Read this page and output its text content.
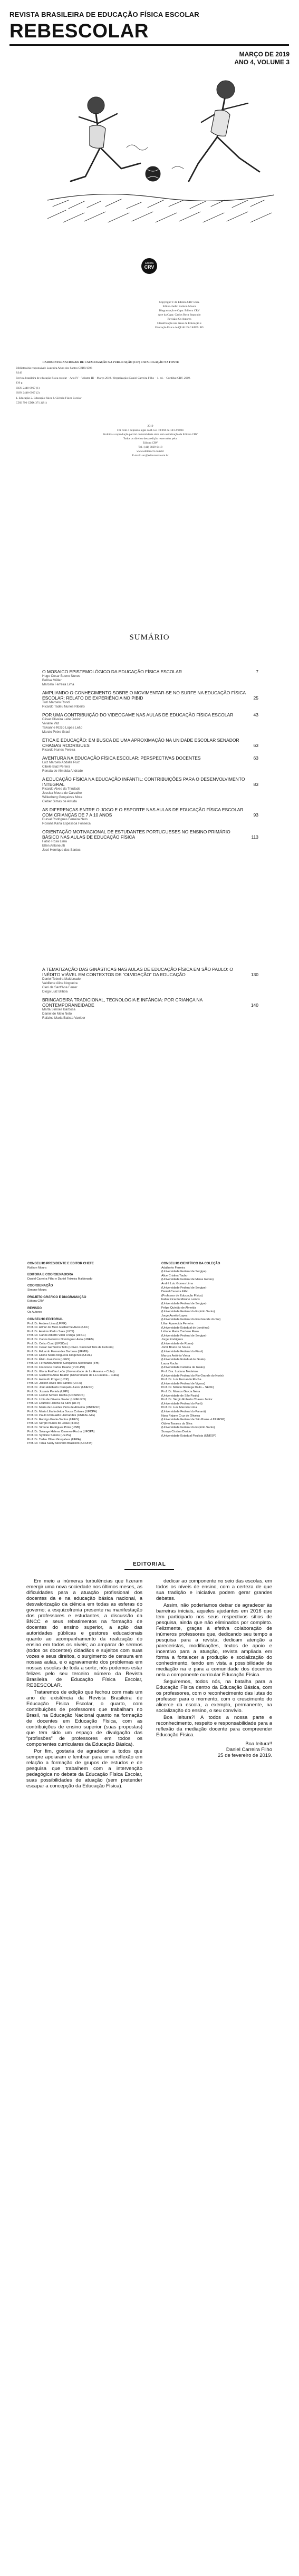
REVISTA BRASILEIRA DE EDUCAÇÃO FÍSICA ESCOLAR
REBESCOLAR
MARÇO DE 2019
ANO 4, VOLUME 3
Editora
CRV
Copyright © da Editora CRV Ltda.
Editor-chefe: Railson Moura
Diagramação e Capa: Editora CRV
Arte da Capa: Carlos Roca Segurado
Revisão: Os Autores
Classificação nas áreas de Educação e
Educação Física de QUALIS CAPES: B5
DADOS INTERNACIONAIS DE CATALOGAÇÃO NA PUBLICAÇÃO (CIP) CATALOGAÇÃO NA FONTE

Bibliotecária responsável: Luzenira Alves dos Santos CRB9/1506

R349

Revista brasileira de educação física escolar – Ano IV – Volume III – Março 2019 / Organização: Daniel Carreira Filho – 1. ed. – Curitiba: CRV, 2019.

136 p.

ISSN 2448-0967 (1)

ISSN 2448-0967 (2)

1. Educação 2. Educação física 3. Ciência Física Escolar

CDU 796 CDD: 371.1(81)

2019
Foi feito o depósito legal conf. Lei 10.994 de 14/12/2004
Proibida a reprodução parcial ou total desta obra sem autorização da Editora CRV
Todos os direitos desta edição reservados pela:
Editora CRV
Tel.: (41) 3039-6418
www.editoracrv.com.br
E-mail: sac@editoracrv.com.br
SUMÁRIO
O MOSAICO EPISTEMOLÓGICO DA EDUCAÇÃO FÍSICA ESCOLAR	7
Hugo Cesar Bueno Nunes
Bellisa Müller
Marcelo Ferreira Lima
AMPLIANDO O CONHECIMENTO SOBRE O MOVIMENTAR-SE NO SURFE NA EDUCAÇÃO FÍSICA ESCOLAR: RELATO DE EXPERIÊNCIA NO PIBID	25
Tuzi Marcelo Rondi
Ricardo Tadeu Nunes Ribeiro
POR UMA CONTRIBUIÇÃO DO VIDEOGAME NAS AULAS DE EDUCAÇÃO FÍSICA ESCOLAR	43
César Oliveira Leite Junior
Viviane Vaz
Talvanne Rizzo Lopes Leão
Marcio Peixe Grael
ÉTICA E EDUCAÇÃO: EM BUSCA DE UMA APROXIMAÇÃO NA UNIDADE ESCOLAR SENADOR CHAGAS RODRIGUES	63
Ricardo Nunes Pereira
AVENTURA NA EDUCAÇÃO FÍSICA ESCOLAR: PERSPECTIVAS DOCENTES	63
Luiz Marcelo Abdalla Ruiz
Cibele Biaz Pereira
Renata de Almeida Andrade
A EDUCAÇÃO FÍSICA NA EDUCAÇÃO INFANTIL: CONTRIBUIÇÕES PARA O DESENVOLVIMENTO INTEGRAL	83
Ricardo Alves da Trindade
Jessica Moura de Carvalho
Wilkerberg Gonçalves Mota
Cleber Simas de Arruda
AS DIFERENÇAS ENTRE O JOGO E O ESPORTE NAS AULAS DE EDUCAÇÃO FÍSICA ESCOLAR COM CRIANÇAS DE 7 A 10 ANOS	93
Durval Rodrigues Ferreira Neto
Rosana Karla Espessoa Fonseca
ORIENTAÇÃO MOTIVACIONAL DE ESTUDANTES PORTUGUESES NO ENSINO PRIMÁRIO BÁSICO NAS AULAS DE EDUCAÇÃO FÍSICA	113
Fábio Rosa Lima
Ellen Antoneutti
José Henrique dos Santos
A TEMATIZAÇÃO DAS GINÁSTICAS NAS AULAS DE EDUCAÇÃO FÍSICA EM SÃO PAULO: O INÉDITO VIÁVEL EM CONTEXTOS DE “OLVIDAÇÃO” DA EDUCAÇÃO	130
Daniel Teixeira Maldonado
Valdilene Aline Nogueira
Cleri de Sant'Ana Ferrer
Diogo Luiz Bilbóa
BRINCADEIRA TRADICIONAL, TECNOLOGIA E INFÂNCIA: POR CRIANÇA NA CONTEMPORANEIDADE	140
Marta Simões Barbosa
Daniel de Melo Neto
Rafaine Maria Batista Vanleer
CONSELHO PRESIDENTE E EDITOR CHEFE
Railson Moura
EDITORA E COORDENADORA
Daniel Carreira Filho e Daniel Teixeira Maldonado
COORDENAÇÃO
Simone Moura
PROJETO GRÁFICO E DIAGRAMAÇÃO
Editora CRV
REVISÃO
Os Autores
CONSELHO EDITORIAL
Prof. Dr. Andrea Lima (UFPR)
Prof. Dr. Arthur de Melo Guilherme Alves (UFF)
Prof. Dr. Antônio Pedro Saes (UCS)
Prof. Dr. Carlos Alberto Vidal França (UFSC)
Prof. Dr. Carlos Federico Domínguez Avila (UNEB)
Prof. Dr. Celso Conti (UFSCar)
Prof. Dr. Cesar Gerónimo Tello (Univer. Nacional Três de Febrero)
Prof. Dr. Eduardo Fernandes Barbosa (UFMG)
Prof. Dr. Elione Maria Nogueira Diogenes (UFAL)
Prof. Dr. Élsio José Corá (UFFS)
Prof. Dr. Fernando Antônio Gonçalves Alcoforado (IPB)
Prof. Dr. Francisco Carlos Duarte (PUC-PR)
Prof. Dr. Gloria Fariñas León (Universidade de La Havana – Cuba)
Prof. Dr. Guillermo Arias Beatón (Universidade de La Havana – Cuba)
Prof. Dr. Helmuth Krüger (UCP)
Prof. Dr. Jailson Alves dos Santos (UFRJ)
Prof. Dr. João Adalberto Campato Junior (UNESP)
Prof. Dr. Josania Portela (UFPI)
Prof. Dr. Leonel Severo Rocha (UNISINOS)
Prof. Dr. Lídia de Oliveira Xavier (UNIEURO)
Prof. Dr. Lourdes Helena da Silva (UFV)
Prof. Dr. Maria de Lourdes Pinto de Almeida (UNOESC)
Prof. Dr. Maria Lília Imbiriba Sousa Colares (UFOPA)
Prof. Dr. Paulo Romualdo Hernandes (UNIFAL-MG)
Prof. Dr. Rodrigo Pratte-Santos (UFES)
Prof. Dr. Sérgio Nunes de Jesus (IFRO)
Prof. Dr. Simone Rodrigues Pinto (UNB)
Prof. Dr. Solange Helena Ximenes-Rocha (UFOPA)
Prof. Dr. Sydione Santos (UEPG)
Prof. Dr. Tadeu Oliver Gonçalves (UFPA)
Prof. Dr. Tania Suely Azevedo Brasileiro (UFOPA)
CONSELHO CIENTÍFICO DA COLEÇÃO
Adalberto Ferreira
(Universidade Federal de Sergipe)
Alice Cristina Taubo
(Universidade Federal de Minas Gerais)
André Luiz Gomes Lima
(Universidade Federal de Sergipe)
Daniel Carreira Filho
(Professor de Educação Física)
Fabio Ricardo Mizuno Lemos
(Universidade Federal de Sergipe)
Felipe Quintão de Almeida
(Universidade Federal do Espírito Santo)
Jorge Aurelio Lopes
(Universidade Federal do Rio Grande do Sul)
Lilian Aparecida Ferreira
(Universidade Estadual de Londrina)
Lidiane Maria Cardoso Rosa
(Universidade Federal de Sergipe)
Jorge Rodrigues
(Universidade de Roma)
Jomil Bruno de Sousa
(Universidade Federal do Piauí)
Marcos Antônio Vieira
(Universidade Estadual de Goiás)
Laura Rocha
(Universidade Católica de Goiás)
Prof. Dra. Luciana Medeiros
(Universidade Federal do Rio Grande do Norte)
Prof. Dr. Luiz Fernando Rocha
(Universidade Federal de Viçosa)
Prof. Dr. Márcio Nobrega Dalto – SEDF)
Prof. Dr. Marcos Garcia Neira
(Universidade de São Paulo)
Prof. Dr. Sérgio Roberto Chaves Junior
(Universidade Federal do Pará)
Prof. Dr. Luiz Marcelo Lima
(Universidade Federal do Paraná)
Nara Rejane Cruz de Oliveira
(Universidade Federal de São Paulo –UNIFESP)
Otávio Tavares da Silva
(Universidade Federal do Espírito Santo)
Suraya Cristina Darido
(Universidade Estadual Paulista (UNESP)
EDITORIAL

Em meio a inúmeras turbulências que fizeram emergir uma nova sociedade nos últimos meses, as dificuldades para a atuação profissional dos docentes da e na educação básica nacional, a desvalorização da ciência em todas as esferas do governo; a esquizofrenia presente na manifestação dos professores e estudantes, a discussão da BNCC e seus rebatimentos na formação de docentes do ensino superior, a ação das autoridades públicas e gestores educacionais quanto ao acompanhamento da realização do ensino em todos os níveis; ao amparar de sermos (todos os docentes) cidadãos e sujeitos com suas vozes e seus direitos, o surgimento de censura em nossas aulas, e o agravamento dos problemas em nossas escolas de toda a sorte, nós podemos estar felizes pelo seu terceiro número da Revista Brasileira de Educação Física Escolar, REBESCOLAR.

Trataremos de edição que fechou com mais um ano de existência da Revista Brasileira de Educação Física Escolar, o quarto, com contribuições de professores que trabalham no Brasil, na Educação Nacional quanto na formação de docentes em Educação Física, com as contribuições de ensino superior (suas propostas) que tem sido um espaço de divulgação das “profissões” de professores em todos os componentes curriculares da Educação Básica).

Por fim, gostaria de agradecer a todos que sempre apoiaram e lembrar para uma reflexão em relação a formação de grupos de estudos e de pesquisa que trabalhem com a intervenção pedagógica no debate da Educação Física Escolar, suas possibilidades de atuação (sem pretender escapar a concepção da Educação Física).

dedicar ao componente no seio das escolas, em todos os níveis de ensino, com a certeza de que sua tradição e iniciativa podem gerar grandes debates.

Assim, não poderíamos deixar de agradecer às barreiras iniciais, aqueles ajudantes em 2016 que tem participado nos seus respectivos sítios de pesquisa, ainda que não eliminados por completo. Felizmente, graças à efetiva colaboração de inúmeros professores que, dedicando seu tempo a pesquisa para a revista, dedicam atenção a pareceristas, modificações, textos de apoio e incentivo para a atuação, revista ampliada em forma a fortalecer a produção e socialização do conhecimento, tendo em vista a possibilidade de mediação na e para a comunidade dos docentes nela a componente curricular Educação Física.

Seguiremos, todos nós, na batalha para a Educação Física dentro da Educação Básica, com os professores, com o reconhecimento das lutas do professor para o momento, com o crescimento do alicerce da escola, a exemplo, permanente, na socialização do ensino, o seu convívio.

Boa leitura?! A todos a nossa parte e reconhecimento, respeito e responsabilidade para a reflexão da mediação docente para compreender Educação Física.

Boa leitura!!
Daniel Carreira Filho
25 de fevereiro de 2019.
